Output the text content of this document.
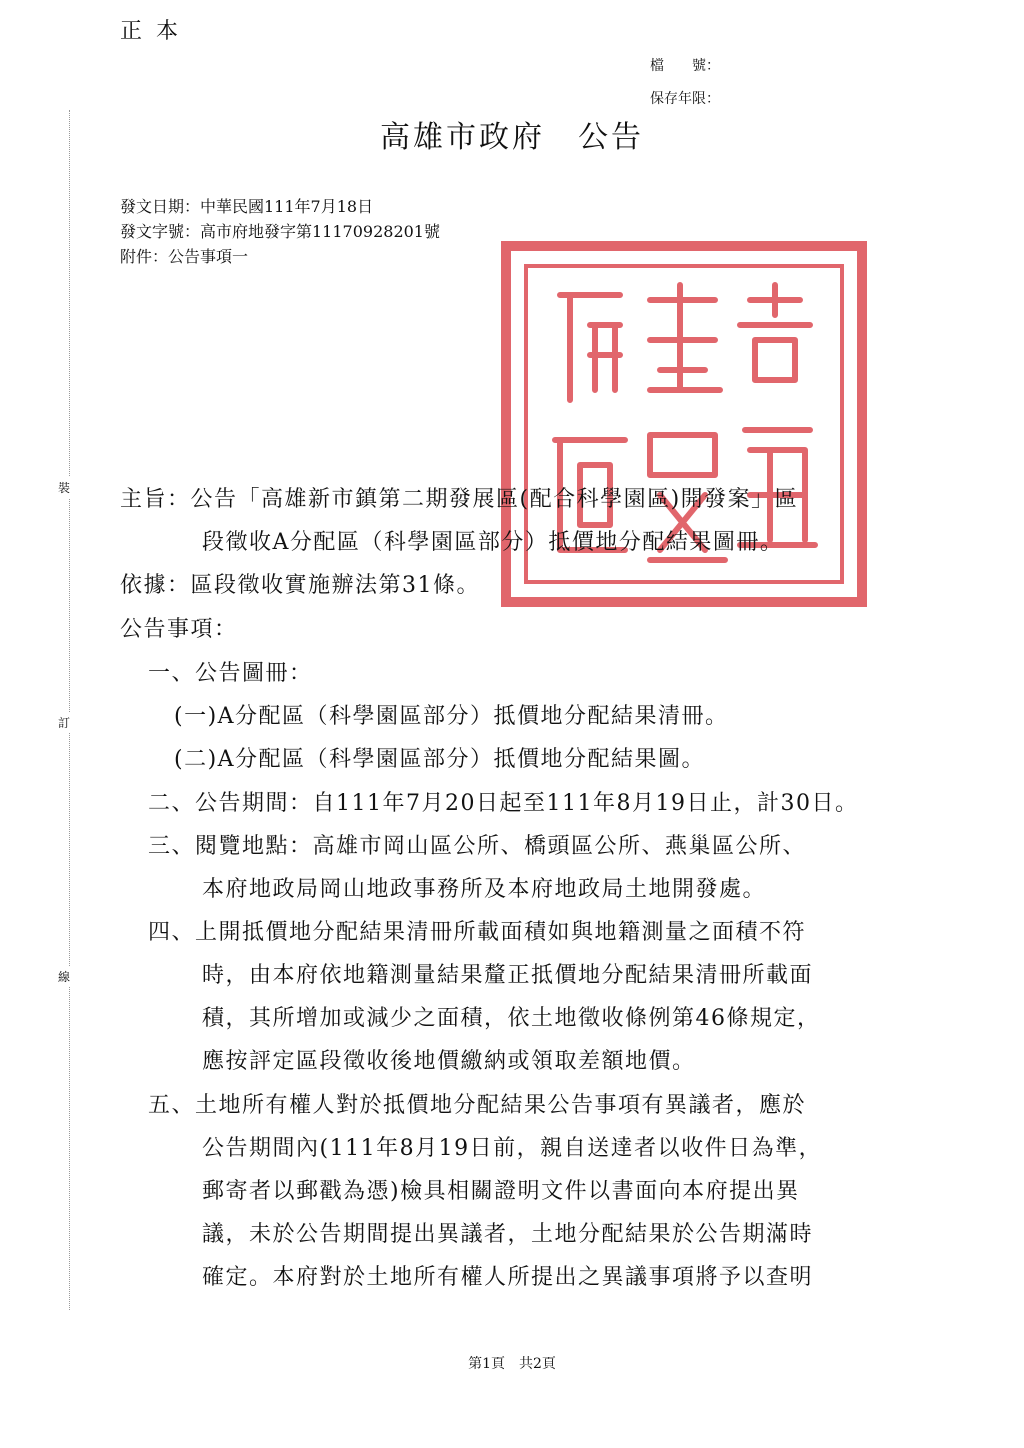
正本
檔　　號：
保存年限：
高雄市政府　公告
發文日期：中華民國111年7月18日
發文字號：高市府地發字第11170928201號
附件：公告事項一
裝
訂
線
主旨：公告「高雄新市鎮第二期發展區(配合科學園區)開發案」區
段徵收A分配區（科學園區部分）抵價地分配結果圖冊。
依據：區段徵收實施辦法第31條。
公告事項：
一、公告圖冊：
(一)A分配區（科學園區部分）抵價地分配結果清冊。
(二)A分配區（科學園區部分）抵價地分配結果圖。
二、公告期間：自111年7月20日起至111年8月19日止，計30日。
三、閱覽地點：高雄市岡山區公所、橋頭區公所、燕巢區公所、
本府地政局岡山地政事務所及本府地政局土地開發處。
四、上開抵價地分配結果清冊所載面積如與地籍測量之面積不符
時，由本府依地籍測量結果釐正抵價地分配結果清冊所載面
積，其所增加或減少之面積，依土地徵收條例第46條規定，
應按評定區段徵收後地價繳納或領取差額地價。
五、土地所有權人對於抵價地分配結果公告事項有異議者，應於
公告期間內(111年8月19日前，親自送達者以收件日為準，
郵寄者以郵戳為憑)檢具相關證明文件以書面向本府提出異
議，未於公告期間提出異議者，土地分配結果於公告期滿時
確定。本府對於土地所有權人所提出之異議事項將予以查明
第1頁　共2頁
